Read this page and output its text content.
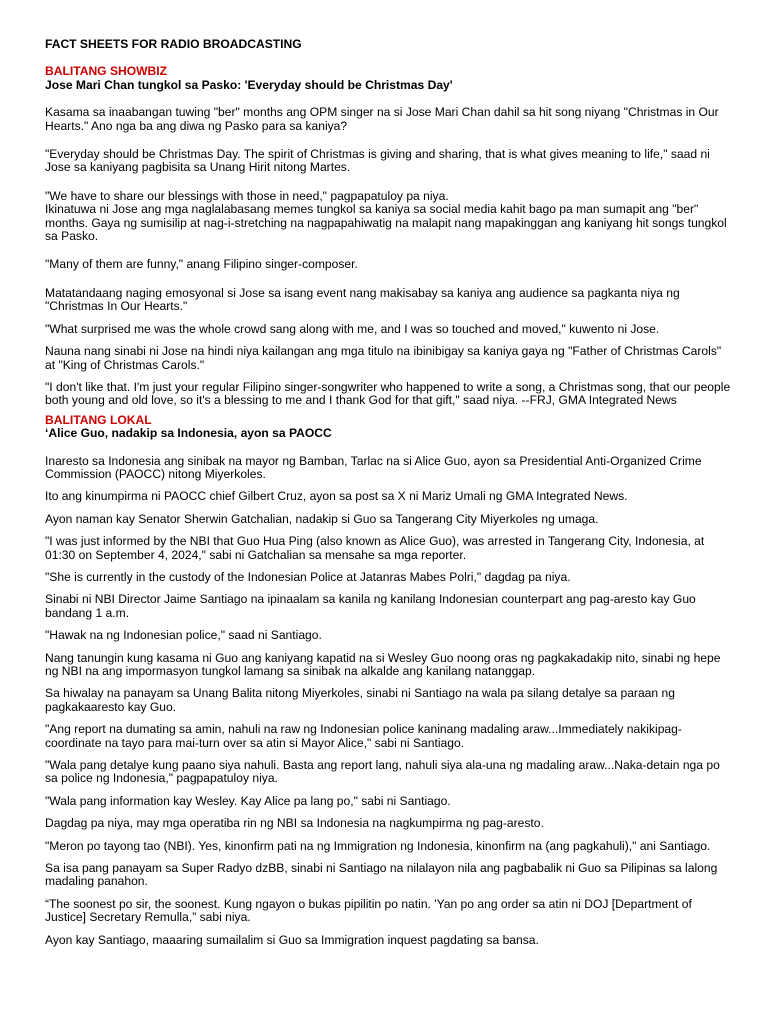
FACT SHEETS FOR RADIO BROADCASTING
BALITANG SHOWBIZ
Jose Mari Chan tungkol sa Pasko: 'Everyday should be Christmas Day'

Kasama sa inaabangan tuwing "ber" months ang OPM singer na si Jose Mari Chan dahil sa hit song niyang "Christmas in Our Hearts." Ano nga ba ang diwa ng Pasko para sa kaniya?

"Everyday should be Christmas Day. The spirit of Christmas is giving and sharing, that is what gives meaning to life," saad ni Jose sa kaniyang pagbisita sa Unang Hirit nitong Martes.

"We have to share our blessings with those in need," pagpapatuloy pa niya.

Ikinatuwa ni Jose ang mga naglalabasang memes tungkol sa kaniya sa social media kahit bago pa man sumapit ang "ber" months. Gaya ng sumisilip at nag-i-stretching na nagpapahiwatig na malapit nang mapakinggan ang kaniyang hit songs tungkol sa Pasko.

"Many of them are funny," anang Filipino singer-composer.

Matatandaang naging emosyonal si Jose sa isang event nang makisabay sa kaniya ang audience sa pagkanta niya ng "Christmas In Our Hearts."

"What surprised me was the whole crowd sang along with me, and I was so touched and moved," kuwento ni Jose.

Nauna nang sinabi ni Jose na hindi niya kailangan ang mga titulo na ibinibigay sa kaniya gaya ng "Father of Christmas Carols" at "King of Christmas Carols."

"I don't like that. I'm just your regular Filipino singer-songwriter who happened to write a song, a Christmas song, that our people both young and old love, so it's a blessing to me and I thank God for that gift," saad niya. --FRJ, GMA Integrated News

BALITANG LOKAL
‘Alice Guo, nadakip sa Indonesia, ayon sa PAOCC

Inaresto sa Indonesia ang sinibak na mayor ng Bamban, Tarlac na si Alice Guo, ayon sa Presidential Anti-Organized Crime Commission (PAOCC) nitong Miyerkoles.

Ito ang kinumpirma ni PAOCC chief Gilbert Cruz, ayon sa post sa X ni Mariz Umali ng GMA Integrated News.

Ayon naman kay Senator Sherwin Gatchalian, nadakip si Guo sa Tangerang City Miyerkoles ng umaga.

"I was just informed by the NBI that Guo Hua Ping (also known as Alice Guo), was arrested in Tangerang City, Indonesia, at 01:30 on September 4, 2024," sabi ni Gatchalian sa mensahe sa mga reporter.

"She is currently in the custody of the Indonesian Police at Jatanras Mabes Polri," dagdag pa niya.

Sinabi ni NBI Director Jaime Santiago na ipinaalam sa kanila ng kanilang Indonesian counterpart ang pag-aresto kay Guo bandang 1 a.m.

"Hawak na ng Indonesian police," saad ni Santiago.

Nang tanungin kung kasama ni Guo ang kaniyang kapatid na si Wesley Guo noong oras ng pagkakadakip nito, sinabi ng hepe ng NBI na ang impormasyon tungkol lamang sa sinibak na alkalde ang kanilang natanggap.

Sa hiwalay na panayam sa Unang Balita nitong Miyerkoles, sinabi ni Santiago na wala pa silang detalye sa paraan ng pagkakaaresto kay Guo.

"Ang report na dumating sa amin, nahuli na raw ng Indonesian police kaninang madaling araw...Immediately nakikipag-coordinate na tayo para mai-turn over sa atin si Mayor Alice," sabi ni Santiago.

"Wala pang detalye kung paano siya nahuli. Basta ang report lang, nahuli siya ala-una ng madaling araw...Naka-detain nga po sa police ng Indonesia," pagpapatuloy niya.

"Wala pang information kay Wesley. Kay Alice pa lang po," sabi ni Santiago.

Dagdag pa niya, may mga operatiba rin ng NBI sa Indonesia na nagkumpirma ng pag-aresto.

"Meron po tayong tao (NBI). Yes, kinonfirm pati na ng Immigration ng Indonesia, kinonfirm na (ang pagkahuli)," ani Santiago.

Sa isa pang panayam sa Super Radyo dzBB, sinabi ni Santiago na nilalayon nila ang pagbabalik ni Guo sa Pilipinas sa lalong madaling panahon.

“The soonest po sir, the soonest. Kung ngayon o bukas pipilitin po natin. 'Yan po ang order sa atin ni DOJ [Department of Justice] Secretary Remulla,” sabi niya.

Ayon kay Santiago, maaaring sumailalim si Guo sa Immigration inquest pagdating sa bansa.
